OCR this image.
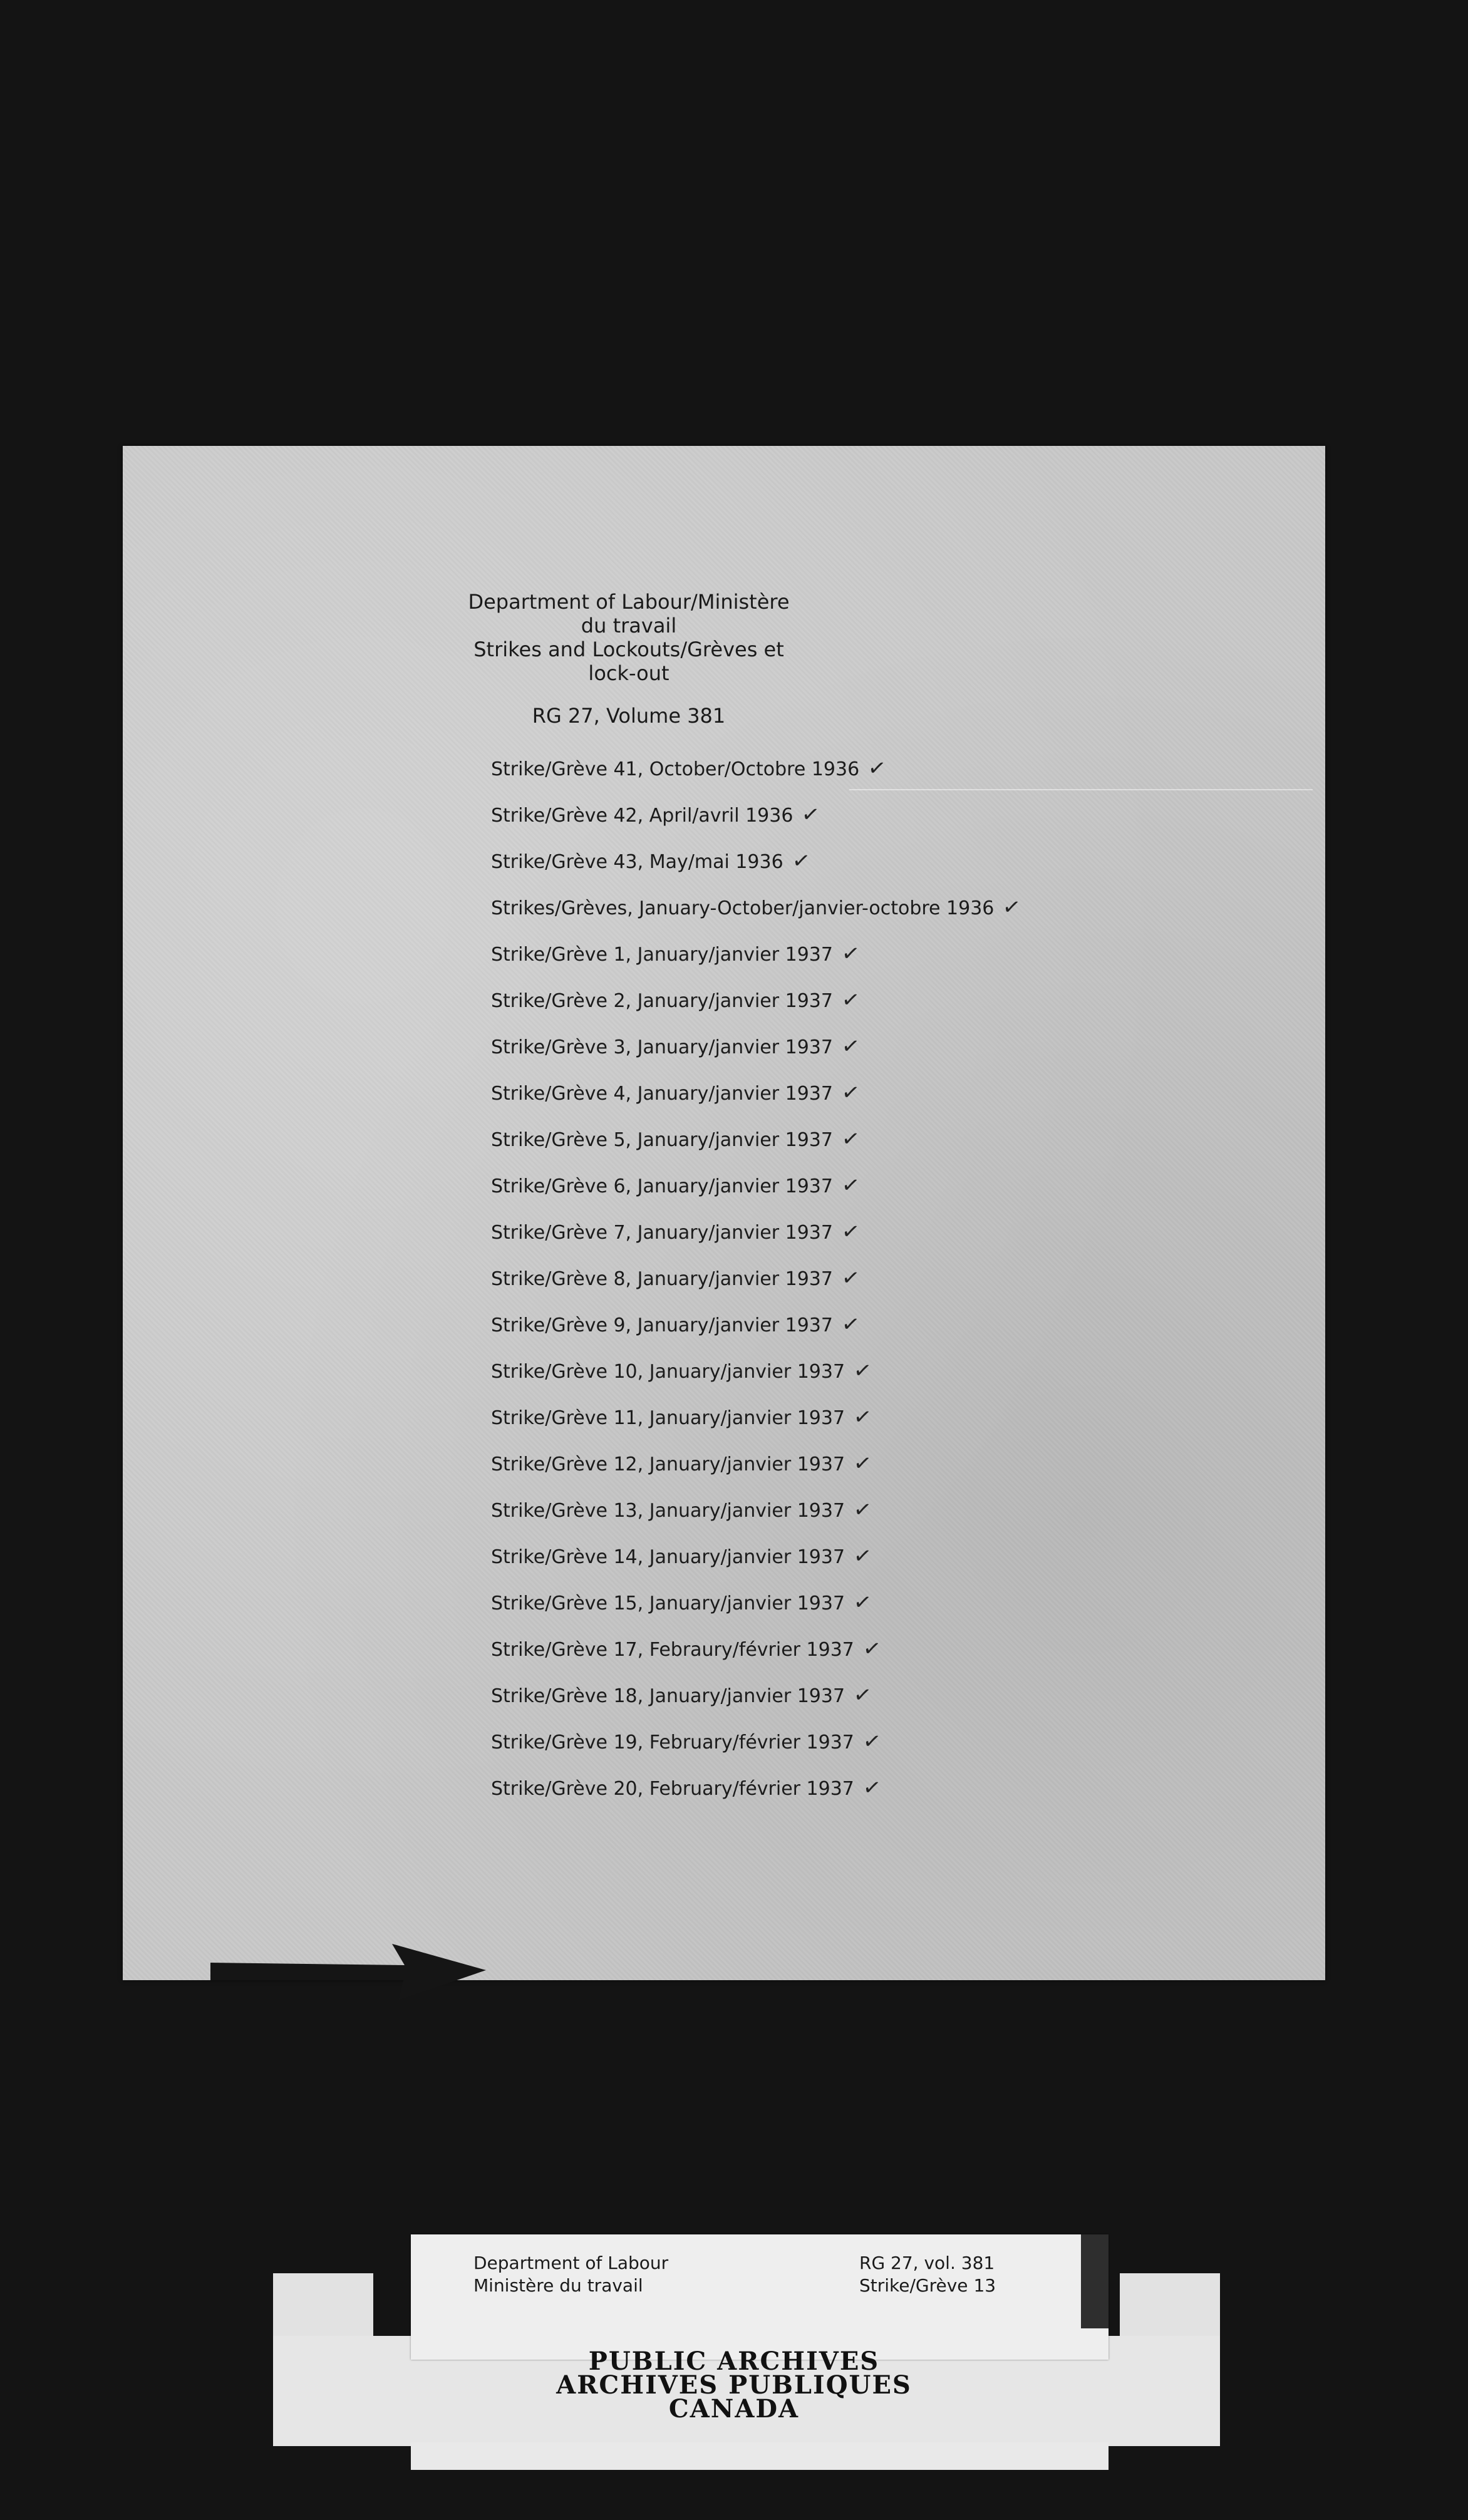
Department of Labour/Ministère du travail
Strikes and Lockouts/Grèves et lock-out
RG 27, Volume 381
Strike/Grève 41, October/Octobre 1936 ✓
Strike/Grève 42, April/avril 1936 ✓
Strike/Grève 43, May/mai 1936 ✓
Strikes/Grèves, January-October/janvier-octobre 1936 ✓
Strike/Grève 1, January/janvier 1937 ✓
Strike/Grève 2, January/janvier 1937 ✓
Strike/Grève 3, January/janvier 1937 ✓
Strike/Grève 4, January/janvier 1937 ✓
Strike/Grève 5, January/janvier 1937 ✓
Strike/Grève 6, January/janvier 1937 ✓
Strike/Grève 7, January/janvier 1937 ✓
Strike/Grève 8, January/janvier 1937 ✓
Strike/Grève 9, January/janvier 1937 ✓
Strike/Grève 10, January/janvier 1937 ✓
Strike/Grève 11, January/janvier 1937 ✓
Strike/Grève 12, January/janvier 1937 ✓
Strike/Grève 13, January/janvier 1937 ✓
Strike/Grève 14, January/janvier 1937 ✓
Strike/Grève 15, January/janvier 1937 ✓
Strike/Grève 17, Febraury/février 1937 ✓
Strike/Grève 18, January/janvier 1937 ✓
Strike/Grève 19, February/février 1937 ✓
Strike/Grève 20, February/février 1937 ✓
Department of Labour
Ministère du travail
RG 27, vol. 381
Strike/Grève 13
PUBLIC ARCHIVES
ARCHIVES PUBLIQUES
CANADA
